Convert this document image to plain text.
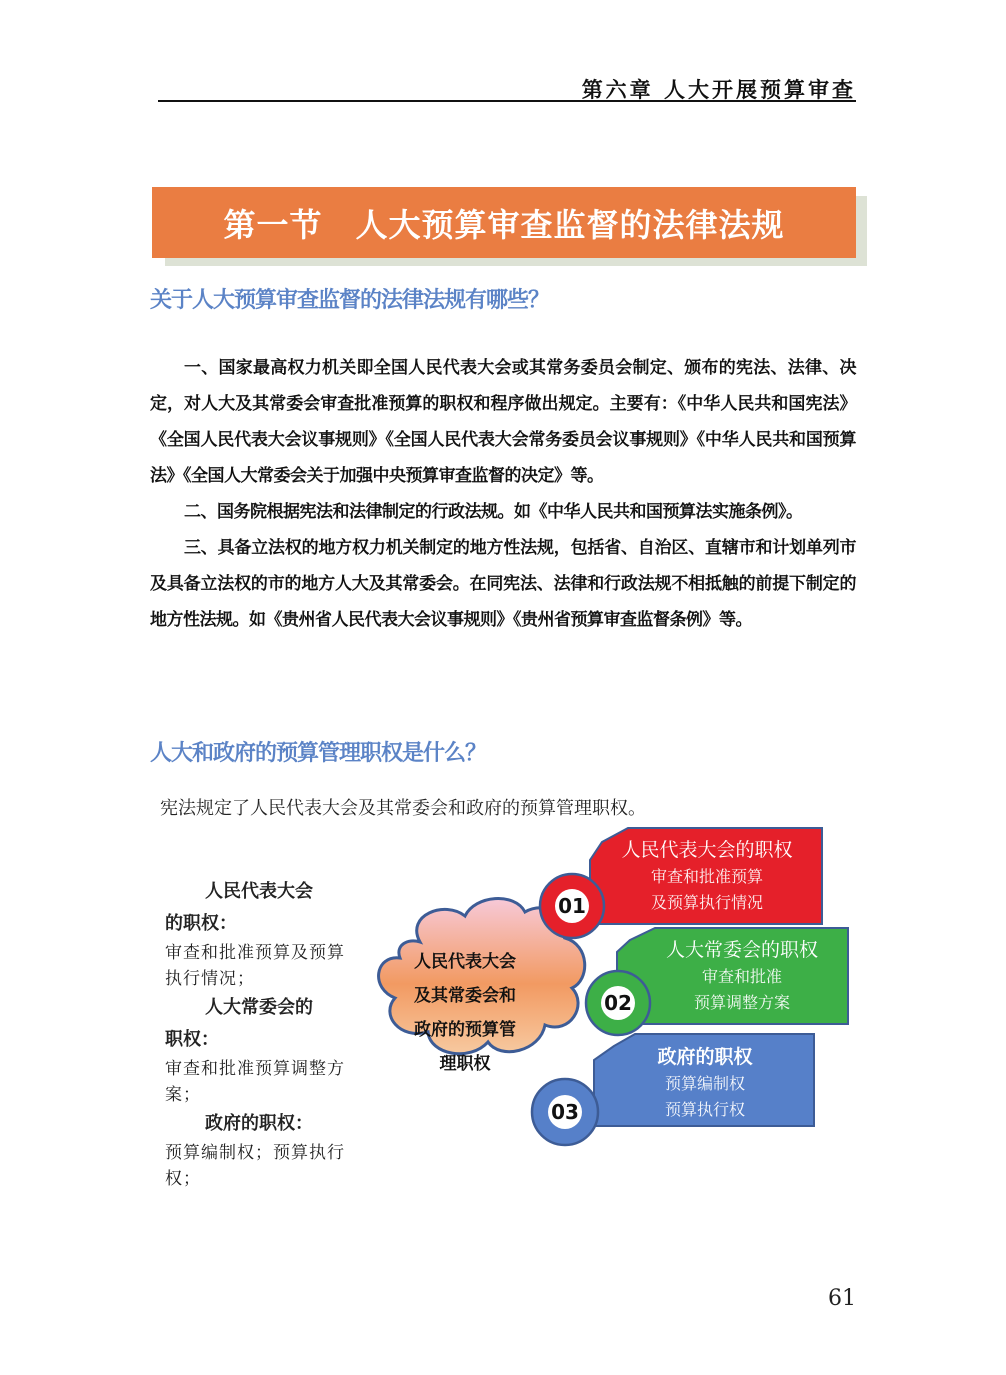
第六章 人大开展预算审查
第一节　人大预算审查监督的法律法规
关于人大预算审查监督的法律法规有哪些？

一、国家最高权力机关即全国人民代表大会或其常务委员会制定、颁布的宪法、法律、决定，对人大及其常委会审查批准预算的职权和程序做出规定。主要有：《中华人民共和国宪法》《全国人民代表大会议事规则》《全国人民代表大会常务委员会议事规则》《中华人民共和国预算法》《全国人大常委会关于加强中央预算审查监督的决定》等。

二、国务院根据宪法和法律制定的行政法规。如《中华人民共和国预算法实施条例》。

三、具备立法权的地方权力机关制定的地方性法规，包括省、自治区、直辖市和计划单列市及具备立法权的市的地方人大及其常委会。在同宪法、法律和行政法规不相抵触的前提下制定的地方性法规。如《贵州省人民代表大会议事规则》《贵州省预算审查监督条例》等。

人大和政府的预算管理职权是什么？
宪法规定了人民代表大会及其常委会和政府的预算管理职权。
人民代表大会
的职权：
审查和批准预算及预算执行情况；
人大常委会的
职权：
审查和批准预算调整方案；
政府的职权：
预算编制权；预算执行权；
人民代表大会
及其常委会和
政府的预算管
理职权
01
人民代表大会的职权
审查和批准预算
及预算执行情况
02
人大常委会的职权
审查和批准
预算调整方案
03
政府的职权
预算编制权
预算执行权
61
